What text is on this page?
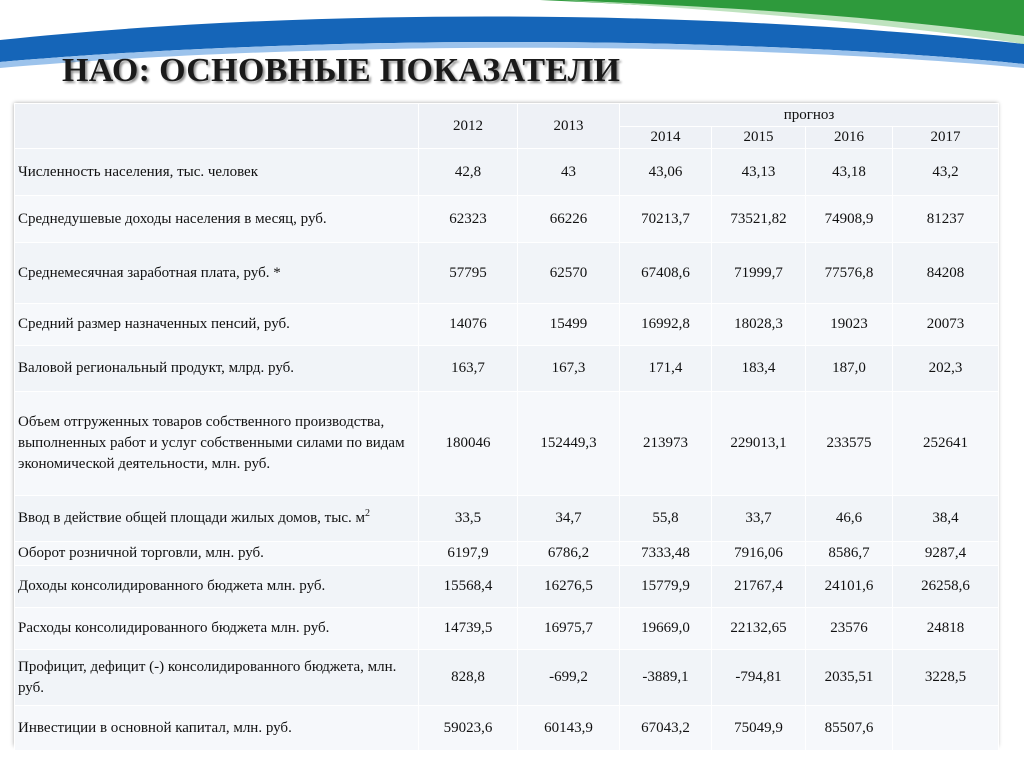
НАО: ОСНОВНЫЕ ПОКАЗАТЕЛИ
	2012	2013	прогноз			
			2014	2015	2016	2017
Численность населения, тыс. человек	42,8	43	43,06	43,13	43,18	43,2
Среднедушевые доходы населения в месяц, руб.	62323	66226	70213,7	73521,82	74908,9	81237
Среднемесячная заработная плата, руб. *	57795	62570	67408,6	71999,7	77576,8	84208
Средний размер назначенных пенсий, руб.	14076	15499	16992,8	18028,3	19023	20073
Валовой региональный продукт, млрд. руб.	163,7	167,3	171,4	183,4	187,0	202,3
Объем отгруженных товаров собственного производства, выполненных работ и услуг собственными силами по видам экономической деятельности, млн. руб.	180046	152449,3	213973	229013,1	233575	252641
Ввод в действие общей площади жилых домов, тыс. $м^2$	33,5	34,7	55,8	33,7	46,6	38,4
Оборот розничной торговли, млн. руб.	6197,9	6786,2	7333,48	7916,06	8586,7	9287,4
Доходы консолидированного бюджета млн. руб.	15568,4	16276,5	15779,9	21767,4	24101,6	26258,6
Расходы консолидированного бюджета млн. руб.	14739,5	16975,7	19669,0	22132,65	23576	24818
Профицит, дефицит (-) консолидированного бюджета, млн. руб.	828,8	-699,2	-3889,1	-794,81	2035,51	3228,5
Инвестиции в основной капитал, млн. руб.	59023,6	60143,9	67043,2	75049,9	85507,6	
